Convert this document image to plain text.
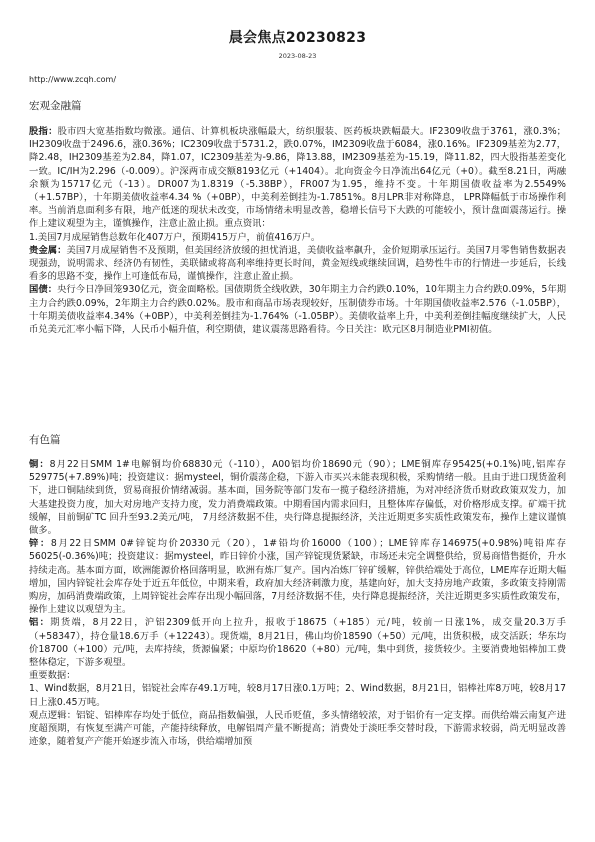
晨会焦点20230823
2023-08-23
http://www.zcqh.com/
宏观金融篇

股指：股市四大宽基指数均微涨。通信、计算机板块涨幅最大，纺织服装、医药板块跌幅最大。IF2309收盘于3761，涨0.3%；IH2309收盘于2496.6，涨0.36%；IC2309收盘于5731.2，跌0.07%，IM2309收盘于6084，涨0.16%。IF2309基差为2.77，降2.48，IH2309基差为2.84，降1.07，IC2309基差为-9.86，降13.88，IM2309基差为-15.19，降11.82，四大股指基差变化一致。IC/IH为2.296（-0.009）。沪深两市成交额8193亿元（+1404）。北向资金今日净流出64亿元（+0）。截至8.21日，两融余额为15717亿元（-13）。DR007为1.8319（-5.38BP），FR007为1.95，维持不变。十年期国债收益率为2.5549%（+1.57BP），十年期美债收益率4.34 %（+0BP），中美利差倒挂为-1.7851%。8月LPR非对称降息， LPR降幅低于市场操作利率。当前消息面利多有限，地产低迷的现状未改变，市场情绪未明显改善，稳增长信号下大跌的可能较小，预计盘面震荡运行。操作上建议观望为主，谨慎操作，注意止盈止损。重点资讯：

1.美国7月成屋销售总数年化407万户，预期415万户，前值416万户。

贵金属：美国7月成屋销售不及预期，但美国经济放缓的担忧消退，美债收益率飙升，金价短期承压运行。美国7月零售销售数据表现强劲，说明需求、经济仍有韧性，美联储或将高利率维持更长时间，黄金短线或继续回调，趋势性牛市的行情进一步延后，长线看多的思路不变，操作上可逢低布局，谨慎操作，注意止盈止损。

国债：央行今日净回笼930亿元，资金面略松。国债期货全线收跌，30年期主力合约跌0.10%，10年期主力合约跌0.09%，5年期主力合约跌0.09%，2年期主力合约跌0.02%。股市和商品市场表现较好，压制债券市场。十年期国债收益率2.576（-1.05BP），十年期美债收益率4.34%（+0BP），中美利差倒挂为-1.764%（-1.05BP）。美债收益率上升，中美利差倒挂幅度继续扩大，人民币兑美元汇率小幅下降，人民币小幅升值，利空期债，建议震荡思路看待。今日关注：欧元区8月制造业PMI初值。

有色篇

铜：8月22日SMM 1#电解铜均价68830元（-110），A00铝均价18690元（90）；LME铜库存95425(+0.1%)吨,铝库存529775(+7.89%)吨；投资建议：据mysteel，铜价震荡企稳，下游入市买兴未能表现积极，采购情绪一般。且由于进口现货盈利下，进口铜陆续到货，贸易商报价情绪减弱。基本面，国务院等部门发布一揽子稳经济措施，为对冲经济货币财政政策双发力，加大基建投资力度，加大对房地产支持力度，发力消费端政策。中期看国内需求回归，且整体库存偏低，对价格形成支撑。矿端干扰缓解，目前铜矿TC 回升至93.2美元/吨， 7月经济数据不佳，央行降息提振经济，关注近期更多实质性政策发布，操作上建议谨慎做多。

锌：8月22日SMM 0#锌锭均价20330元（20），1#铅均价16000（100）；LME锌库存146975(+0.98%)吨铅库存56025(-0.36%)吨；投资建议：据mysteel，昨日锌价小涨，国产锌锭现货紧缺，市场还未完全调整供给，贸易商惜售挺价，升水持续走高。基本面方面，欧洲能源价格回落明显，欧洲有炼厂复产。国内冶炼厂锌矿缓解，锌供给端处于高位，LME库存近期大幅增加，国内锌锭社会库存处于近五年低位，中期来看，政府加大经济刺激力度，基建向好，加大支持房地产政策，多政策支持刚需购房，加码消费端政策，上周锌锭社会库存出现小幅回落，7月经济数据不佳，央行降息提振经济，关注近期更多实质性政策发布，操作上建议以观望为主。

铝：期货端，8月22日，沪铝2309低开向上拉升，报收于18675（+185）元/吨，较前一日涨1%，成交量20.3万手（+58347），持仓量18.6万手（+12243）。现货端，8月21日，佛山均价18590（+50）元/吨，出货积极，成交活跃；华东均价18700（+100）元/吨，去库持续，货源偏紧；中原均价18620（+80）元/吨，集中到货，接货较少。主要消费地铝棒加工费整体稳定，下游多观望。

重要数据：

1、Wind数据，8月21日，铝锭社会库存49.1万吨，较8月17日涨0.1万吨；2、Wind数据，8月21日，铝棒社库8万吨，较8月17日上涨0.45万吨。

观点逻辑：铝锭、铝棒库存均处于低位，商品指数偏强，人民币贬值，多头情绪较浓，对于铝价有一定支撑。而供给端云南复产进度超预期，有恢复至满产可能，产能持续释放，电解铝周产量不断提高；消费处于淡旺季交替时段，下游需求较弱，尚无明显改善迹象，随着复产产能开始逐步流入市场，供给端增加预
